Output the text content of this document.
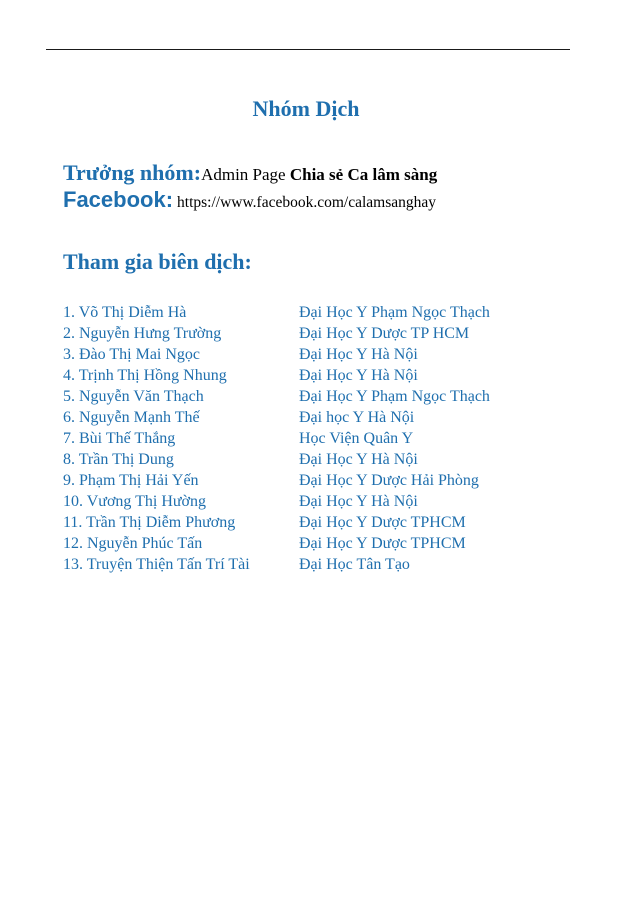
Nhóm Dịch
Trưởng nhóm:Admin Page Chia sẻ Ca lâm sàng
Facebook: https://www.facebook.com/calamsanghay
Tham gia biên dịch:
1. Võ Thị Diễm Hà	Đại Học Y Phạm Ngọc Thạch
2. Nguyễn Hưng Trường	Đại Học Y Dược TP HCM
3. Đào Thị Mai Ngọc	Đại Học Y Hà Nội
4. Trịnh Thị Hồng Nhung	Đại Học Y Hà Nội
5. Nguyễn Văn Thạch	Đại Học Y Phạm Ngọc Thạch
6. Nguyễn Mạnh Thế	Đại học Y Hà Nội
7. Bùi Thế Thắng	Học Viện Quân Y
8. Trần Thị Dung	Đại Học Y Hà Nội
9. Phạm Thị Hải Yến	Đại Học Y Dược Hải Phòng
10. Vương Thị Hường	Đại Học Y Hà Nội
11. Trần Thị Diễm Phương	Đại Học Y Dược TPHCM
12. Nguyễn Phúc Tấn	Đại Học Y Dược TPHCM
13. Truyện Thiện Tấn Trí Tài	Đại Học Tân Tạo
